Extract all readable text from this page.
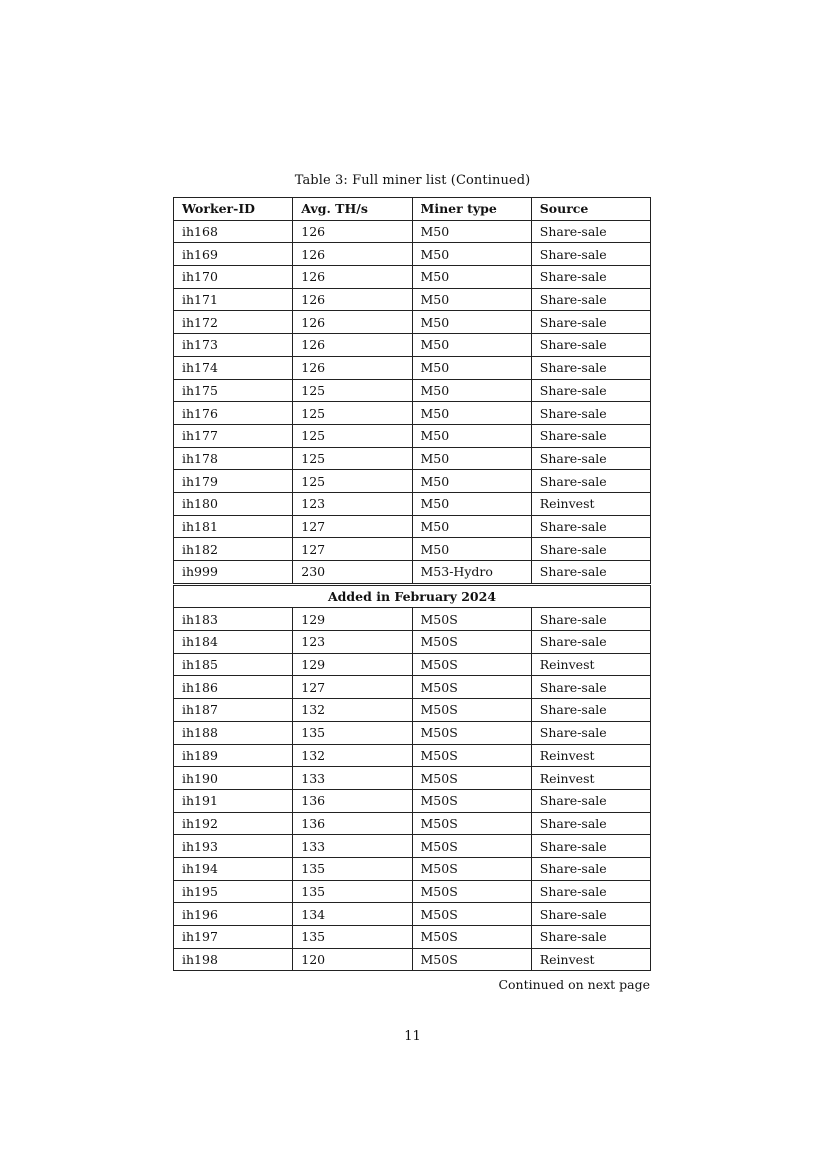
Table 3: Full miner list (Continued)
Worker-ID	Avg. TH/s	Miner type	Source
ih168	126	M50	Share-sale
ih169	126	M50	Share-sale
ih170	126	M50	Share-sale
ih171	126	M50	Share-sale
ih172	126	M50	Share-sale
ih173	126	M50	Share-sale
ih174	126	M50	Share-sale
ih175	125	M50	Share-sale
ih176	125	M50	Share-sale
ih177	125	M50	Share-sale
ih178	125	M50	Share-sale
ih179	125	M50	Share-sale
ih180	123	M50	Reinvest
ih181	127	M50	Share-sale
ih182	127	M50	Share-sale
ih999	230	M53-Hydro	Share-sale

Added in February 2024			
ih183	129	M50S	Share-sale
ih184	123	M50S	Share-sale
ih185	129	M50S	Reinvest
ih186	127	M50S	Share-sale
ih187	132	M50S	Share-sale
ih188	135	M50S	Share-sale
ih189	132	M50S	Reinvest
ih190	133	M50S	Reinvest
ih191	136	M50S	Share-sale
ih192	136	M50S	Share-sale
ih193	133	M50S	Share-sale
ih194	135	M50S	Share-sale
ih195	135	M50S	Share-sale
ih196	134	M50S	Share-sale
ih197	135	M50S	Share-sale
ih198	120	M50S	Reinvest
Continued on next page
11
